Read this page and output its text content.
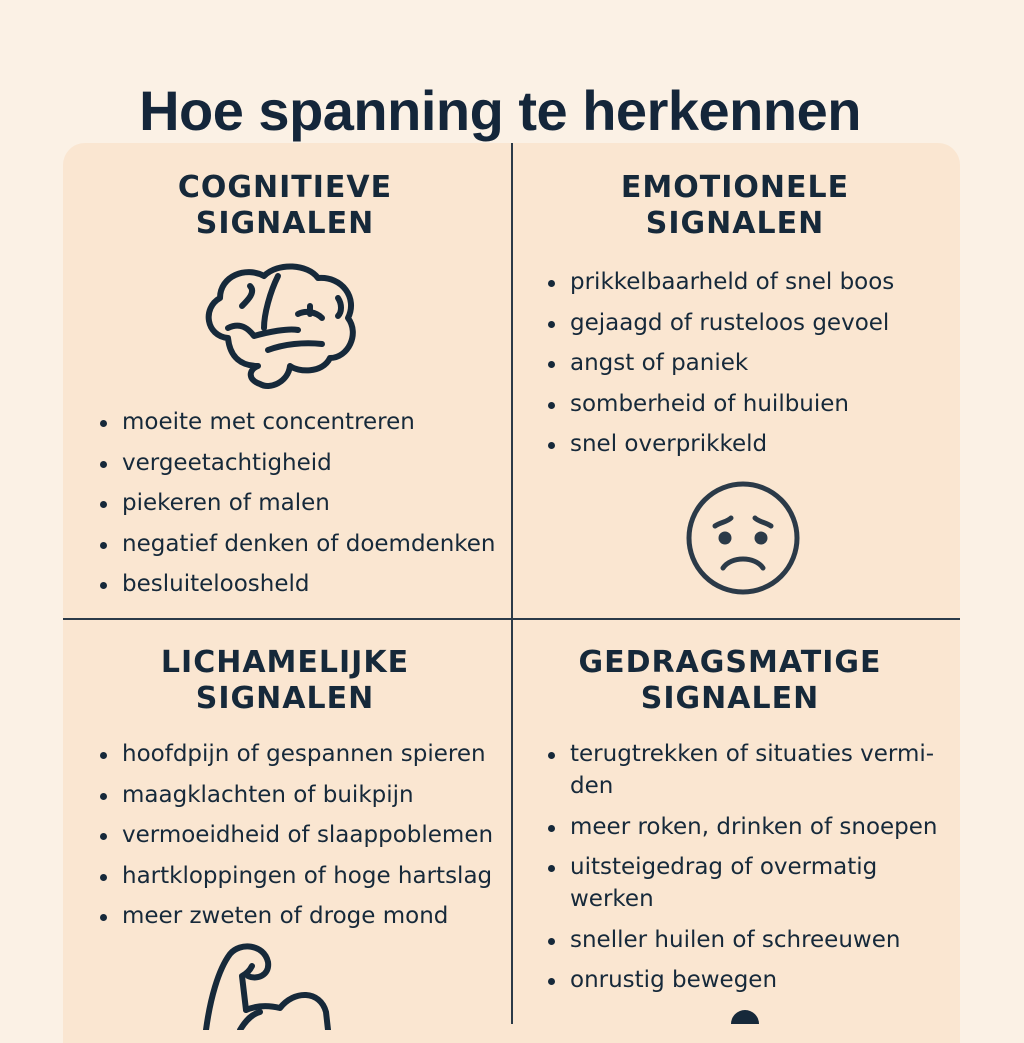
Hoe spanning te herkennen
COGNITIEVE
SIGNALEN
moeite met concentreren
vergeetachtigheid
piekeren of malen
negatief denken of doemdenken
besluiteloosheld
EMOTIONELE
SIGNALEN
prikkelbaarheld of snel boos
gejaagd of rusteloos gevoel
angst of paniek
somberheid of huilbuien
snel overprikkeld
LICHAMELIJKE
SIGNALEN
hoofdpijn of gespannen spieren
maagklachten of buikpijn
vermoeidheid of slaappoblemen
hartkloppingen of hoge hartslag
meer zweten of droge mond
GEDRAGSMATIGE
SIGNALEN
terugtrekken of situaties vermi-den
meer roken, drinken of snoepen
uitsteigedrag of overmatig werken
sneller huilen of schreeuwen
onrustig bewegen
